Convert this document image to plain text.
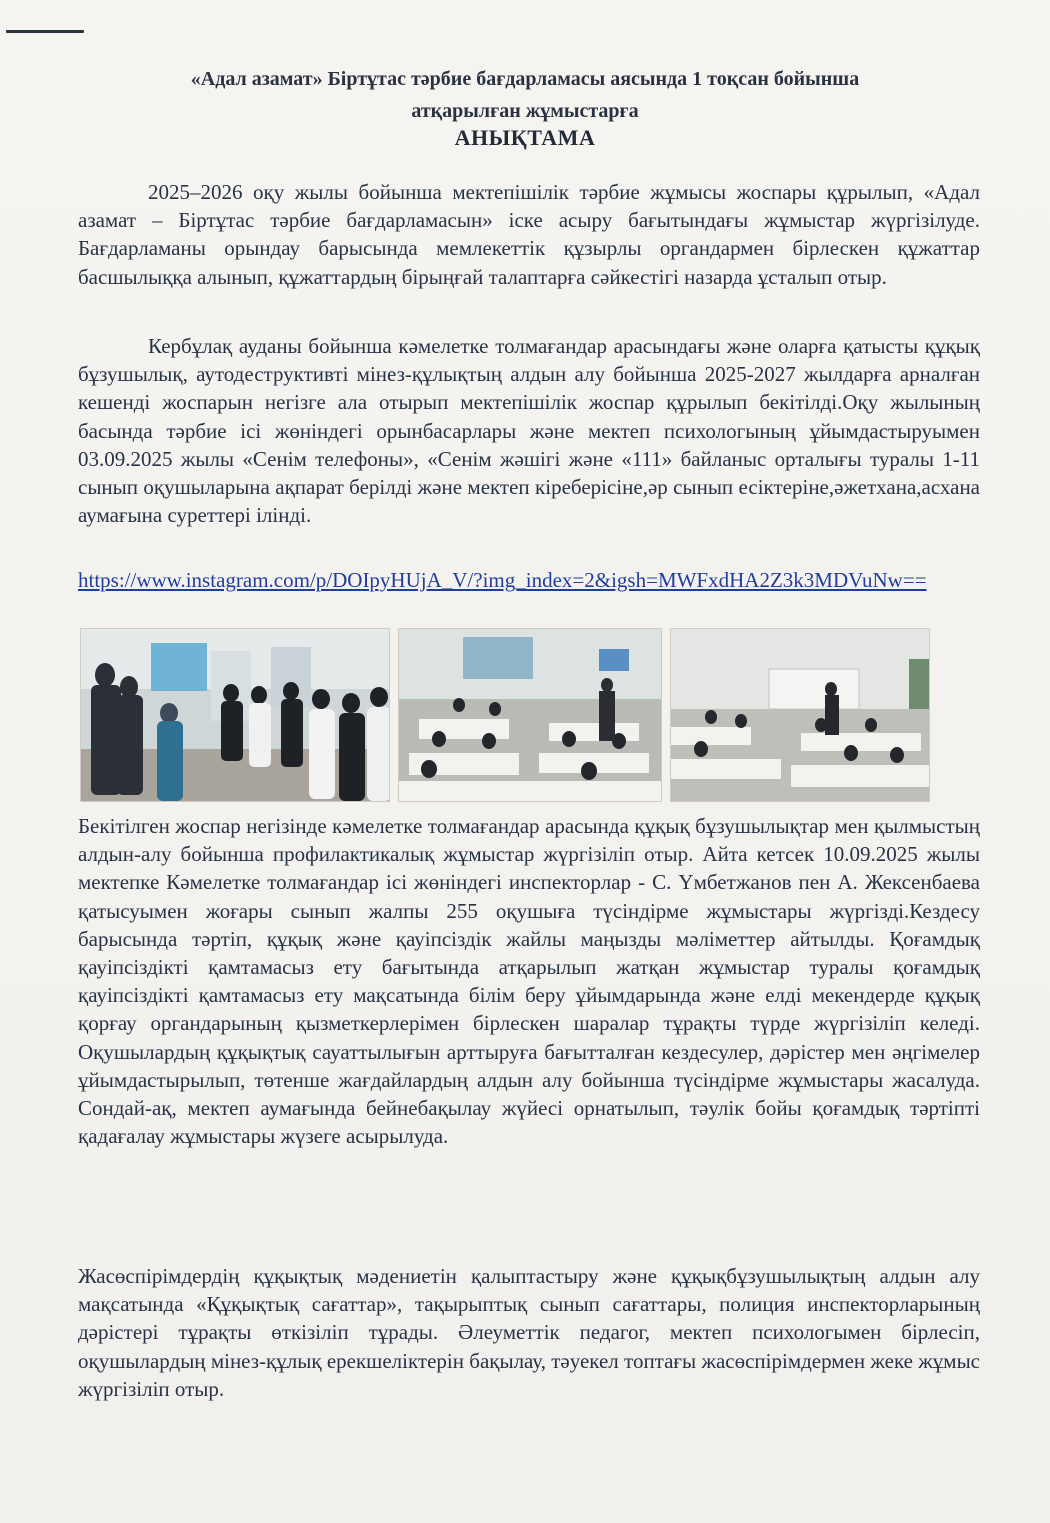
«Адал азамат» Біртұтас тәрбие бағдарламасы аясында 1 тоқсан бойынша
атқарылған жұмыстарға
АНЫҚТАМА

2025–2026 оқу жылы бойынша мектепішілік тәрбие жұмысы жоспары құрылып, «Адал азамат – Біртұтас тәрбие бағдарламасын» іске асыру бағытындағы жұмыстар жүргізілуде. Бағдарламаны орындау барысында мемлекеттік құзырлы органдармен бірлескен құжаттар басшылыққа алынып, құжаттардың бірыңғай талаптарға сәйкестігі назарда ұсталып отыр.

Кербұлақ ауданы бойынша кәмелетке толмағандар арасындағы және оларға қатысты құқық бұзушылық, аутодеструктивті мінез-құлықтың алдын алу бойынша 2025-2027 жылдарға арналған кешенді жоспарын негізге ала отырып мектепішілік жоспар құрылып бекітілді.Оқу жылының басында тәрбие ісі жөніндегі орынбасарлары және мектеп психологының ұйымдастыруымен 03.09.2025 жылы «Сенім телефоны», «Сенім жәшігі және «111» байланыс орталығы туралы 1-11 сынып оқушыларына ақпарат берілді және мектеп кіреберісіне,әр сынып есіктеріне,әжетхана,асхана аумағына суреттері ілінді.

https://www.instagram.com/p/DOIpyHUjA_V/?img_index=2&igsh=MWFxdHA2Z3k3MDVuNw==

Бекітілген жоспар негізінде кәмелетке толмағандар арасында құқық бұзушылықтар мен қылмыстың алдын-алу бойынша профилактикалық жұмыстар жүргізіліп отыр. Айта кетсек 10.09.2025 жылы мектепке Кәмелетке толмағандар ісі жөніндегі инспекторлар - С. Үмбетжанов пен А. Жексенбаева қатысуымен жоғары сынып жалпы 255 оқушыға түсіндірме жұмыстары жүргізді.Кездесу барысында тәртіп, құқық және қауіпсіздік жайлы маңызды мәліметтер айтылды. Қоғамдық қауіпсіздікті қамтамасыз ету бағытында атқарылып жатқан жұмыстар туралы қоғамдық қауіпсіздікті қамтамасыз ету мақсатында білім беру ұйымдарында және елді мекендерде құқық қорғау органдарының қызметкерлерімен бірлескен шаралар тұрақты түрде жүргізіліп келеді. Оқушылардың құқықтық сауаттылығын арттыруға бағытталған кездесулер, дәрістер мен әңгімелер ұйымдастырылып, төтенше жағдайлардың алдын алу бойынша түсіндірме жұмыстары жасалуда. Сондай-ақ, мектеп аумағында бейнебақылау жүйесі орнатылып, тәулік бойы қоғамдық тәртіпті қадағалау жұмыстары жүзеге асырылуда.

Жасөспірімдердің құқықтық мәдениетін қалыптастыру және құқықбұзушылықтың алдын алу мақсатында «Құқықтық сағаттар», тақырыптық сынып сағаттары, полиция инспекторларының дәрістері тұрақты өткізіліп тұрады. Әлеуметтік педагог, мектеп психологымен бірлесіп, оқушылардың мінез-құлық ерекшеліктерін бақылау, тәуекел топтағы жасөспірімдермен жеке жұмыс жүргізіліп отыр.
